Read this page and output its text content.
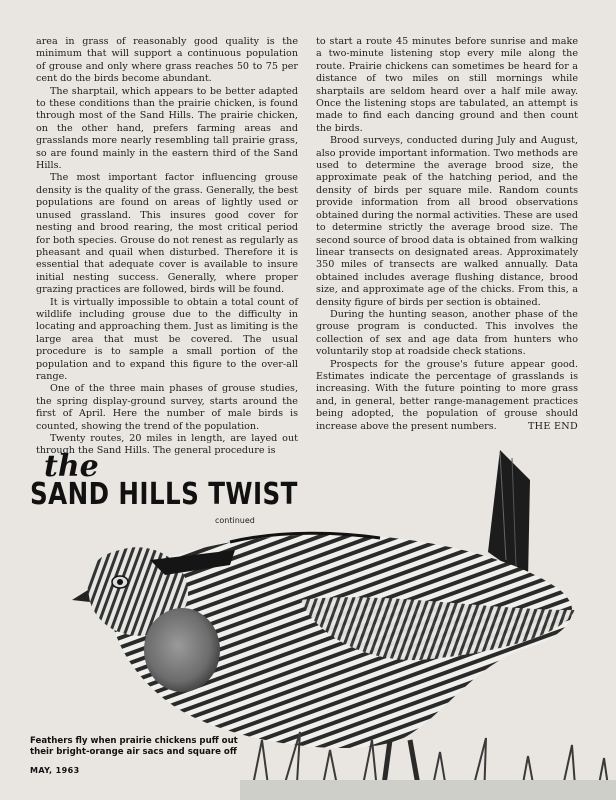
area in grass of reasonably good quality is the minimum that will support a continuous population of grouse and only where grass reaches 50 to 75 per cent do the birds become abundant.

The sharptail, which appears to be better adapted to these conditions than the prairie chicken, is found through most of the Sand Hills. The prairie chicken, on the other hand, prefers farming areas and grasslands more nearly resembling tall prairie grass, so are found mainly in the eastern third of the Sand Hills.

The most important factor influencing grouse density is the quality of the grass. Generally, the best populations are found on areas of lightly used or unused grassland. This insures good cover for nesting and brood rearing, the most critical period for both species. Grouse do not renest as regularly as pheasant and quail when disturbed. Therefore it is essential that adequate cover is available to insure initial nesting success. Generally, where proper grazing practices are followed, birds will be found.

It is virtually impossible to obtain a total count of wildlife including grouse due to the difficulty in locating and approaching them. Just as limiting is the large area that must be covered. The usual procedure is to sample a small portion of the population and to expand this figure to the over-all range.

One of the three main phases of grouse studies, the spring display-ground survey, starts around the first of April. Here the number of male birds is counted, showing the trend of the population.

Twenty routes, 20 miles in length, are layed out through the Sand Hills. The general procedure is

to start a route 45 minutes before sunrise and make a two-minute listening stop every mile along the route. Prairie chickens can sometimes be heard for a distance of two miles on still mornings while sharptails are seldom heard over a half mile away. Once the listening stops are tabulated, an attempt is made to find each dancing ground and then count the birds.

Brood surveys, conducted during July and August, also provide important information. Two methods are used to determine the average brood size, the approximate peak of the hatching period, and the density of birds per square mile. Random counts provide information from all brood observations obtained during the normal activities. These are used to determine strictly the average brood size. The second source of brood data is obtained from walking linear transects on designated areas. Approximately 350 miles of transects are walked annually. Data obtained includes average flushing distance, brood size, and approximate age of the chicks. From this, a density figure of birds per section is obtained.

During the hunting season, another phase of the grouse program is conducted. This involves the collection of sex and age data from hunters who voluntarily stop at roadside check stations.

Prospects for the grouse's future appear good. Estimates indicate the percentage of grasslands is increasing. With the future pointing to more grass and, in general, better range-management practices being adopted, the population of grouse should increase above the present numbers.	THE END

the
SAND HILLS TWIST
continued
Feathers fly when prairie chickens puff out their bright-orange air sacs and square off
MAY, 1963
